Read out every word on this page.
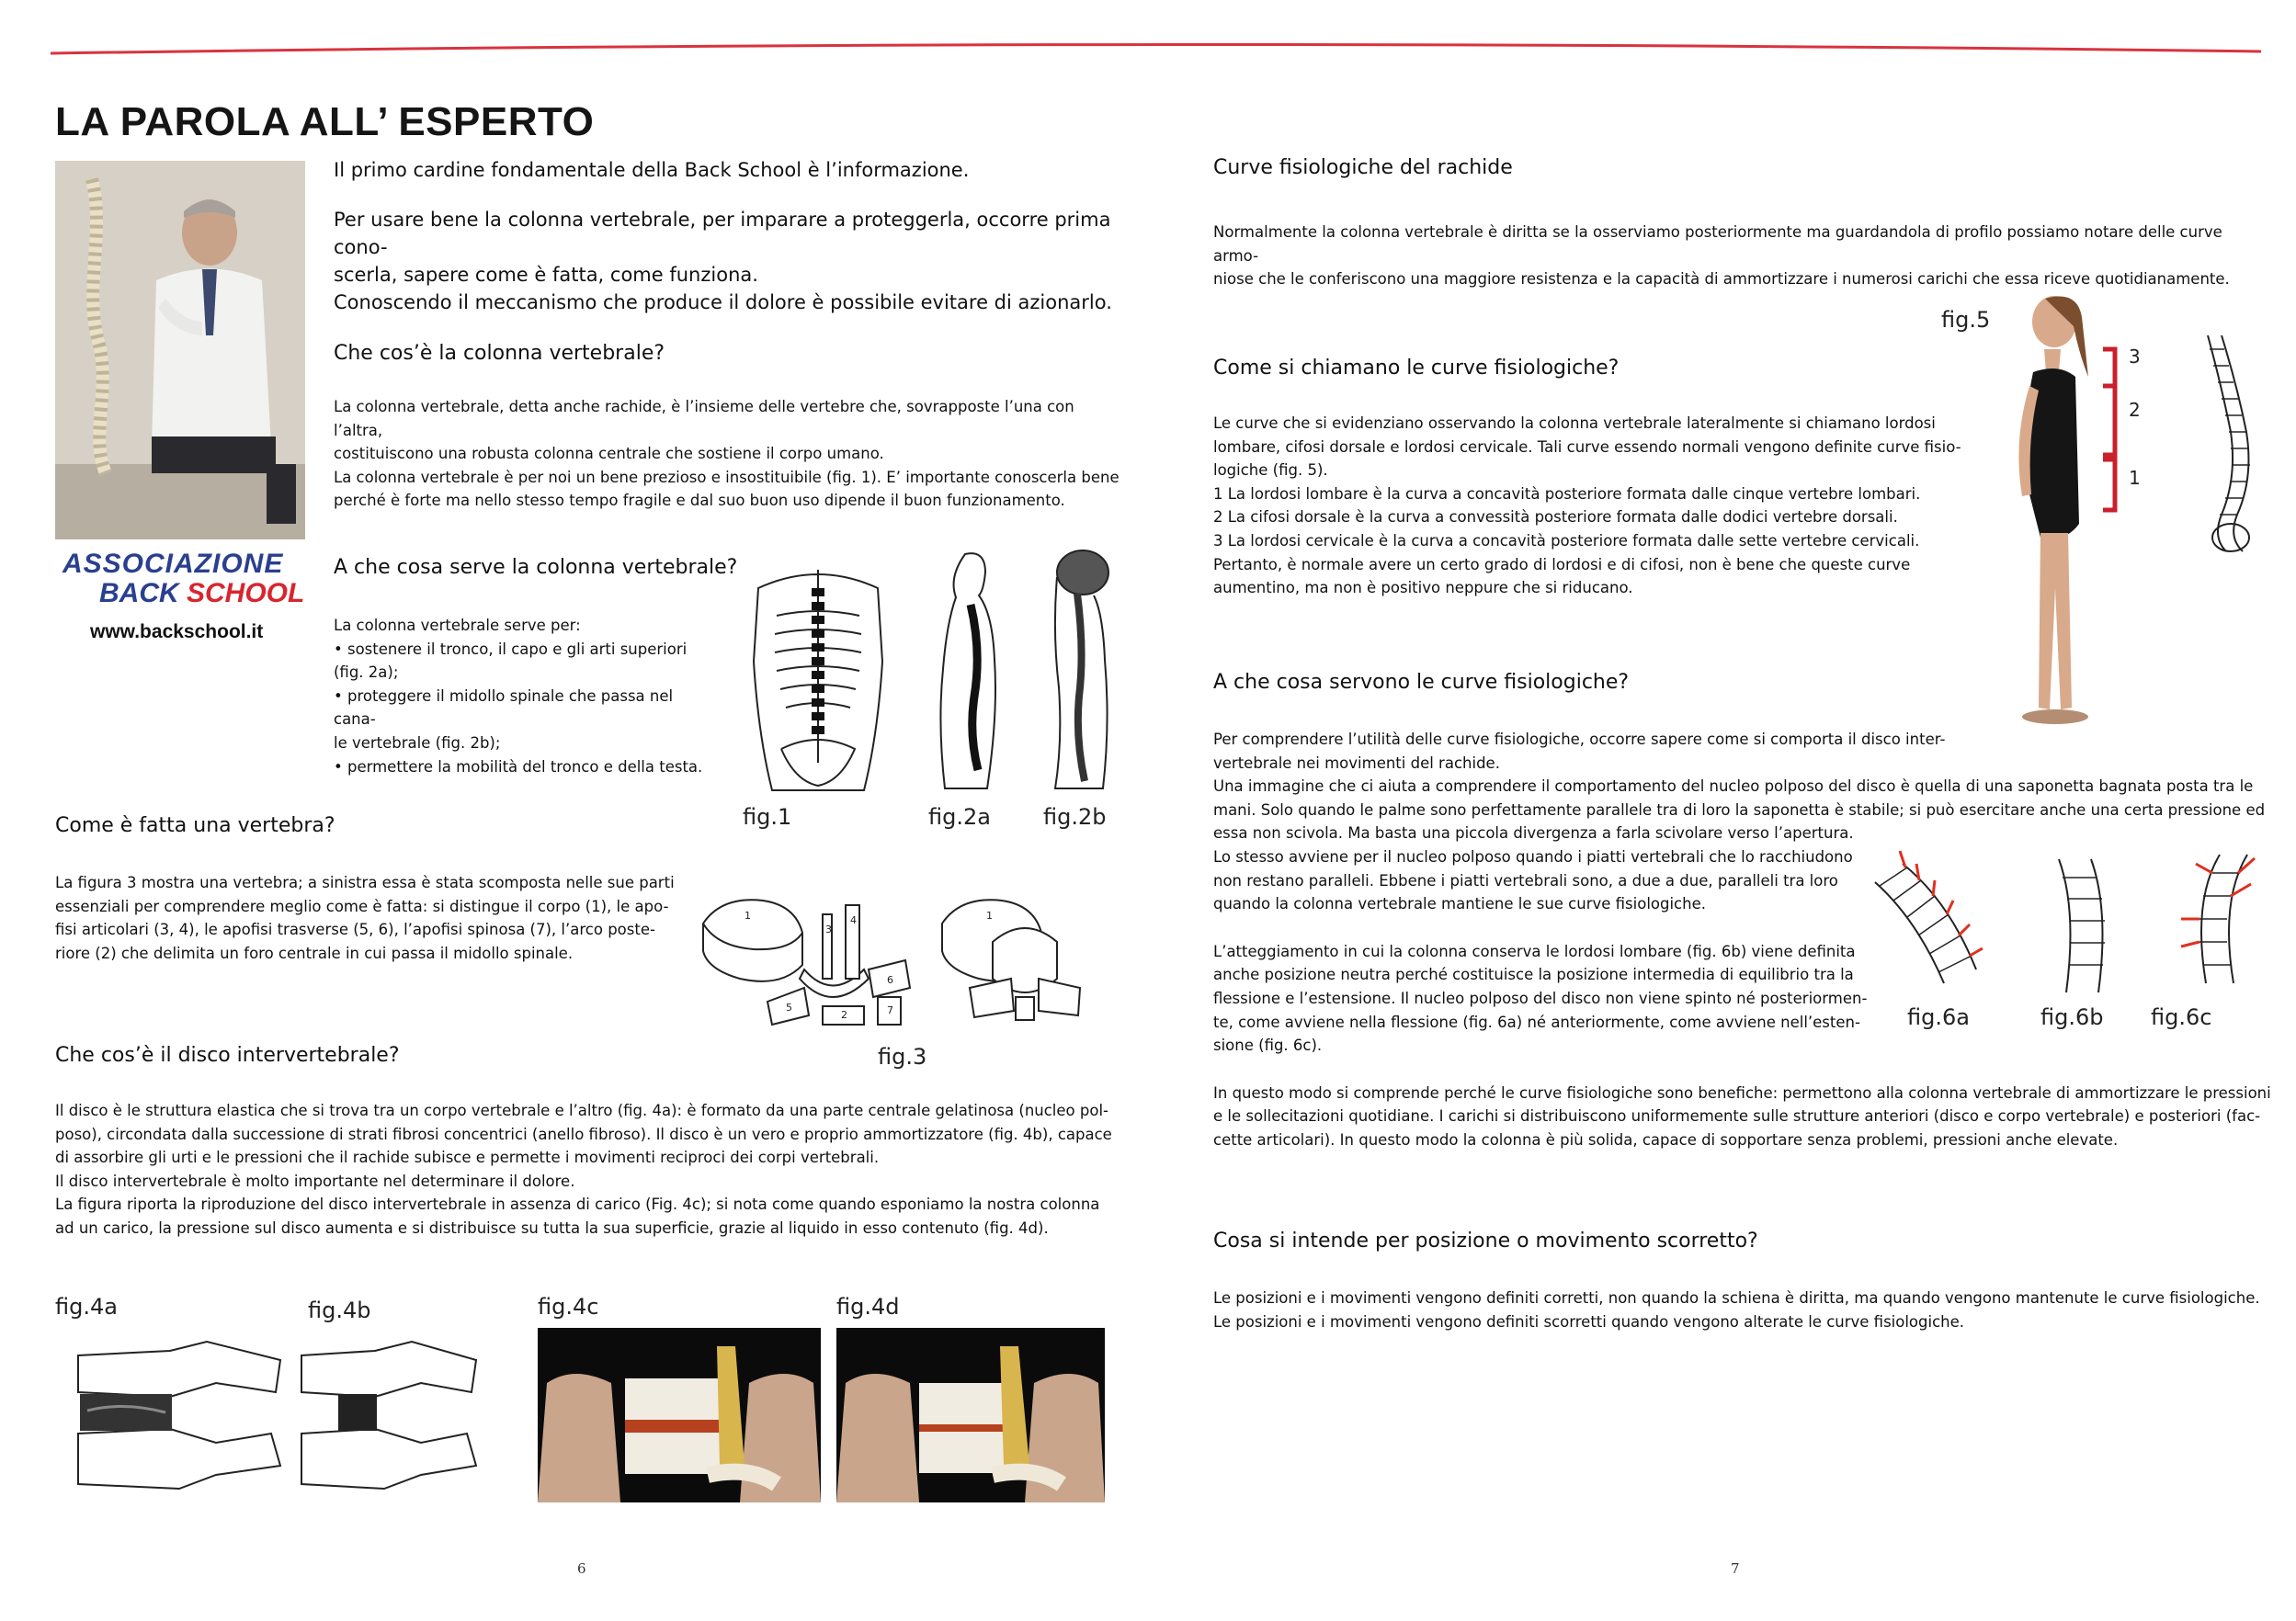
LA PAROLA ALL’ ESPERTO

Il primo cardine fondamentale della Back School è l’informazione.

Per usare bene la colonna vertebrale, per imparare a proteggerla, occorre prima cono-

scerla, sapere come è fatta, come funziona.

Conoscendo il meccanismo che produce il dolore è possibile evitare di azionarlo.

Che cos’è la colonna vertebrale?

La colonna vertebrale, detta anche rachide, è l’insieme delle vertebre che, sovrapposte l’una con l’altra,

costituiscono una robusta colonna centrale che sostiene il corpo umano.

La colonna vertebrale è per noi un bene prezioso e insostituibile (fig. 1). E’ importante conoscerla bene

perché è forte ma nello stesso tempo fragile e dal suo buon uso dipende il buon funzionamento.

ASSOCIAZIONE
BACK SCHOOL
www.backschool.it
A che cosa serve la colonna vertebrale?

La colonna vertebrale serve per:

• sostenere il tronco, il capo e gli arti superiori

(fig. 2a);

• proteggere il midollo spinale che passa nel cana-

le vertebrale (fig. 2b);

• permettere la mobilità del tronco e della testa.

fig.1	fig.2a fig.2b
Come è fatta una vertebra?

La figura 3 mostra una vertebra; a sinistra essa è stata scomposta nelle sue parti

essenziali per comprendere meglio come è fatta: si distingue il corpo (1), le apo-

fisi articolari (3, 4), le apofisi trasverse (5, 6), l’apofisi spinosa (7), l’arco poste-

riore (2) che delimita un foro centrale in cui passa il midollo spinale.

1
3
4
5
6
7
2
1
fig.3
Che cos’è il disco intervertebrale?

Il disco è le struttura elastica che si trova tra un corpo vertebrale e l’altro (fig. 4a): è formato da una parte centrale gelatinosa (nucleo pol-

poso), circondata dalla successione di strati fibrosi concentrici (anello fibroso). Il disco è un vero e proprio ammortizzatore (fig. 4b), capace

di assorbire gli urti e le pressioni che il rachide subisce e permette i movimenti reciproci dei corpi vertebrali.

Il disco intervertebrale è molto importante nel determinare il dolore.

La figura riporta la riproduzione del disco intervertebrale in assenza di carico (Fig. 4c); si nota come quando esponiamo la nostra colonna

ad un carico, la pressione sul disco aumenta e si distribuisce su tutta la sua superficie, grazie al liquido in esso contenuto (fig. 4d).

fig.4a	fig.4b	fig.4c	fig.4d
6
Curve fisiologiche del rachide

Normalmente la colonna vertebrale è diritta se la osserviamo posteriormente ma guardandola di profilo possiamo notare delle curve armo-

niose che le conferiscono una maggiore resistenza e la capacità di ammortizzare i numerosi carichi che essa riceve quotidianamente.

Come si chiamano le curve fisiologiche?

Le curve che si evidenziano osservando la colonna vertebrale lateralmente si chiamano lordosi

lombare, cifosi dorsale e lordosi cervicale. Tali curve essendo normali vengono definite curve fisio-

logiche (fig. 5).

1 La lordosi lombare è la curva a concavità posteriore formata dalle cinque vertebre lombari.

2 La cifosi dorsale è la curva a convessità posteriore formata dalle dodici vertebre dorsali.

3 La lordosi cervicale è la curva a concavità posteriore formata dalle sette vertebre cervicali.

Pertanto, è normale avere un certo grado di lordosi e di cifosi, non è bene che queste curve

aumentino, ma non è positivo neppure che si riducano.

fig.5
3
2
1
A che cosa servono le curve fisiologiche?

Per comprendere l’utilità delle curve fisiologiche, occorre sapere come si comporta il disco inter-

vertebrale nei movimenti del rachide.

Una immagine che ci aiuta a comprendere il comportamento del nucleo polposo del disco è quella di una saponetta bagnata posta tra le

mani. Solo quando le palme sono perfettamente parallele tra di loro la saponetta è stabile; si può esercitare anche una certa pressione ed

essa non scivola. Ma basta una piccola divergenza a farla scivolare verso l’apertura.

Lo stesso avviene per il nucleo polposo quando i piatti vertebrali che lo racchiudono

non restano paralleli. Ebbene i piatti vertebrali sono, a due a due, paralleli tra loro

quando la colonna vertebrale mantiene le sue curve fisiologiche.

L’atteggiamento in cui la colonna conserva le lordosi lombare (fig. 6b) viene definita

anche posizione neutra perché costituisce la posizione intermedia di equilibrio tra la

flessione e l’estensione. Il nucleo polposo del disco non viene spinto né posteriormen-

te, come avviene nella flessione (fig. 6a) né anteriormente, come avviene nell’esten-

sione (fig. 6c).

In questo modo si comprende perché le curve fisiologiche sono benefiche: permettono alla colonna vertebrale di ammortizzare le pressioni

e le sollecitazioni quotidiane. I carichi si distribuiscono uniformemente sulle strutture anteriori (disco e corpo vertebrale) e posteriori (fac-

cette articolari). In questo modo la colonna è più solida, capace di sopportare senza problemi, pressioni anche elevate.

fig.6a	fig.6b fig.6c
Cosa si intende per posizione o movimento scorretto?

Le posizioni e i movimenti vengono definiti corretti, non quando la schiena è diritta, ma quando vengono mantenute le curve fisiologiche.

Le posizioni e i movimenti vengono definiti scorretti quando vengono alterate le curve fisiologiche.

7
